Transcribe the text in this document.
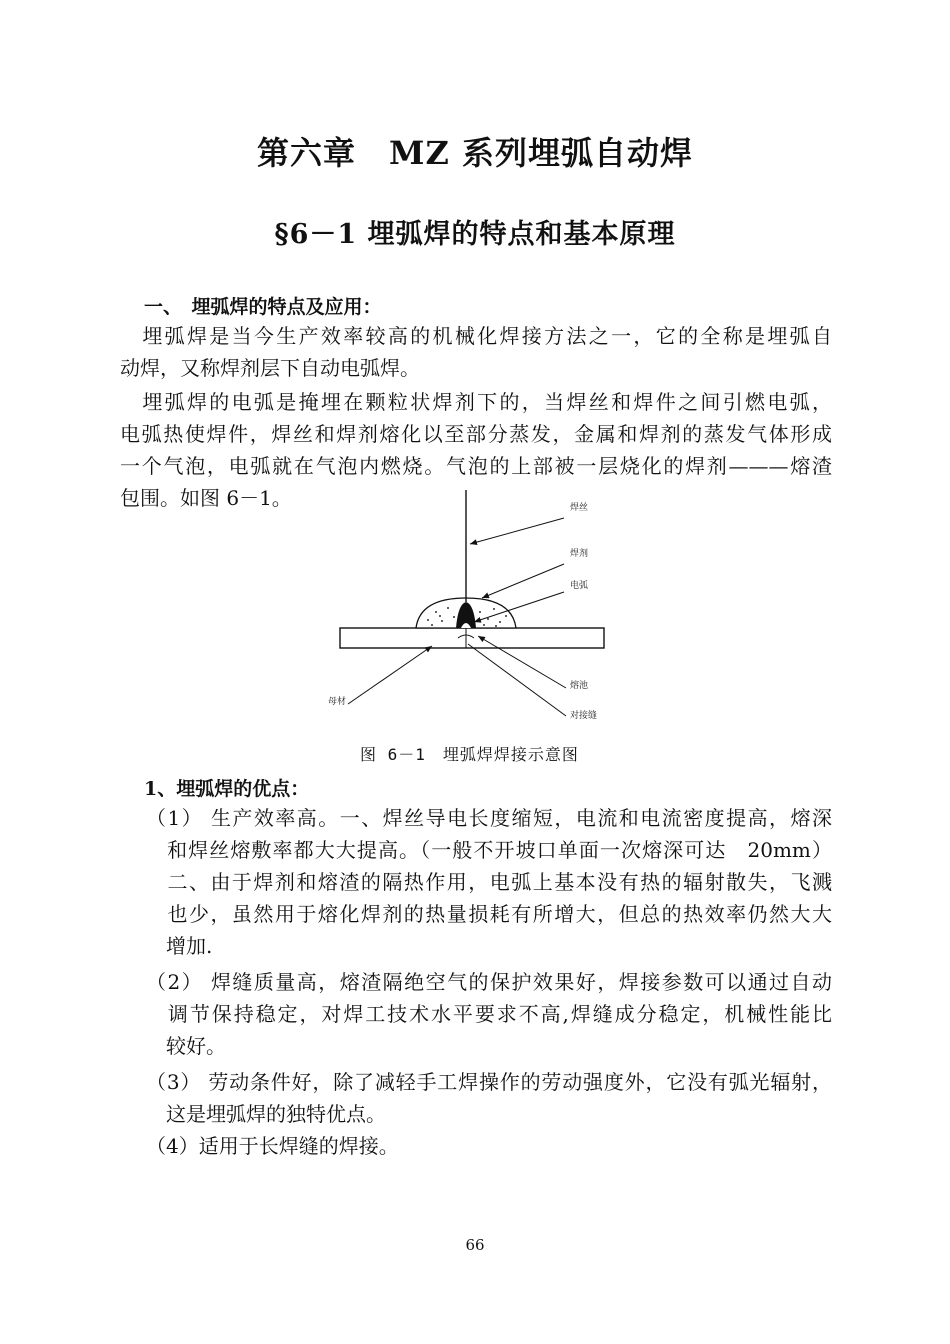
第六章　MZ 系列埋弧自动焊
§6－1 埋弧焊的特点和基本原理
一、　埋弧焊的特点及应用：
　埋弧焊是当今生产效率较高的机械化焊接方法之一，它的全称是埋弧自
动焊，又称焊剂层下自动电弧焊。
　埋弧焊的电弧是掩埋在颗粒状焊剂下的，当焊丝和焊件之间引燃电弧，
电弧热使焊件，焊丝和焊剂熔化以至部分蒸发，金属和焊剂的蒸发气体形成
一个气泡，电弧就在气泡内燃烧。气泡的上部被一层烧化的焊剂———熔渣
包围。如图 6－1。	焊丝
焊剂
电弧
熔池
对接缝
母材
图 6－1　埋弧焊焊接示意图
1、埋弧焊的优点：
（1） 生产效率高。一、焊丝导电长度缩短，电流和电流密度提高，熔深
　和焊丝熔敷率都大大提高。（一般不开坡口单面一次熔深可达　20mm）
　二、由于焊剂和熔渣的隔热作用，电弧上基本没有热的辐射散失，飞溅
　也少，虽然用于熔化焊剂的热量损耗有所增大，但总的热效率仍然大大
　增加.
（2） 焊缝质量高，熔渣隔绝空气的保护效果好，焊接参数可以通过自动
　调节保持稳定，对焊工技术水平要求不高,焊缝成分稳定，机械性能比
　较好。
（3） 劳动条件好，除了减轻手工焊操作的劳动强度外，它没有弧光辐射，
　这是埋弧焊的独特优点。
（4）适用于长焊缝的焊接。
66
